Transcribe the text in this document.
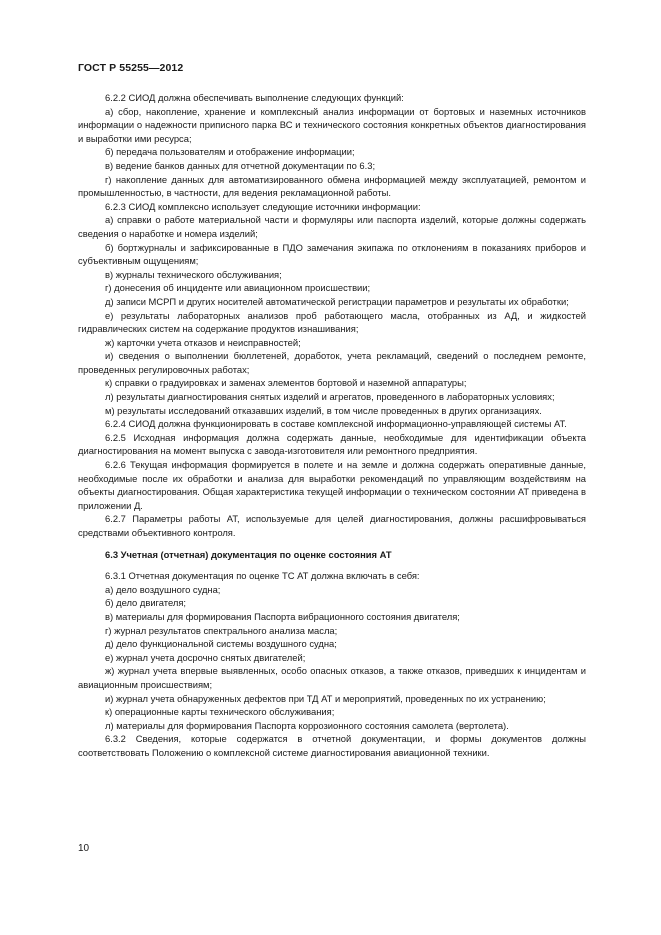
ГОСТ Р 55255—2012

6.2.2 СИОД должна обеспечивать выполнение следующих функций:

а) сбор, накопление, хранение и комплексный анализ информации от бортовых и наземных источников информации о надежности приписного парка ВС и технического состояния конкретных объектов диагностирования и выработки ими ресурса;

б) передача пользователям и отображение информации;

в) ведение банков данных для отчетной документации по 6.3;

г) накопление данных для автоматизированного обмена информацией между эксплуатацией, ремонтом и промышленностью, в частности, для ведения рекламационной работы.

6.2.3 СИОД комплексно использует следующие источники информации:

а) справки о работе материальной части и формуляры или паспорта изделий, которые должны содержать сведения о наработке и номера изделий;

б) бортжурналы и зафиксированные в ПДО замечания экипажа по отклонениям в показаниях приборов и субъективным ощущениям;

в) журналы технического обслуживания;

г) донесения об инциденте или авиационном происшествии;

д) записи МСРП и других носителей автоматической регистрации параметров и результаты их обработки;

е) результаты лабораторных анализов проб работающего масла, отобранных из АД, и жидкостей гидравлических систем на содержание продуктов изнашивания;

ж) карточки учета отказов и неисправностей;

и) сведения о выполнении бюллетеней, доработок, учета рекламаций, сведений о последнем ремонте, проведенных регулировочных работах;

к) справки о градуировках и заменах элементов бортовой и наземной аппаратуры;

л) результаты диагностирования снятых изделий и агрегатов, проведенного в лабораторных условиях;

м) результаты исследований отказавших изделий, в том числе проведенных в других организациях.

6.2.4 СИОД должна функционировать в составе комплексной информационно-управляющей системы АТ.

6.2.5 Исходная информация должна содержать данные, необходимые для идентификации объекта диагностирования на момент выпуска с завода-изготовителя или ремонтного предприятия.

6.2.6 Текущая информация формируется в полете и на земле и должна содержать оперативные данные, необходимые после их обработки и анализа для выработки рекомендаций по управляющим воздействиям на объекты диагностирования. Общая характеристика текущей информации о техническом состоянии АТ приведена в приложении Д.

6.2.7 Параметры работы АТ, используемые для целей диагностирования, должны расшифровываться средствами объективного контроля.

6.3 Учетная (отчетная) документация по оценке состояния АТ

6.3.1 Отчетная документация по оценке ТС АТ должна включать в себя:

а) дело воздушного судна;

б) дело двигателя;

в) материалы для формирования Паспорта вибрационного состояния двигателя;

г) журнал результатов спектрального анализа масла;

д) дело функциональной системы воздушного судна;

е) журнал учета досрочно снятых двигателей;

ж) журнал учета впервые выявленных, особо опасных отказов, а также отказов, приведших к инцидентам и авиационным происшествиям;

и) журнал учета обнаруженных дефектов при ТД АТ и мероприятий, проведенных по их устранению;

к) операционные карты технического обслуживания;

л) материалы для формирования Паспорта коррозионного состояния самолета (вертолета).

6.3.2 Сведения, которые содержатся в отчетной документации, и формы документов должны соответствовать Положению о комплексной системе диагностирования авиационной техники.

10
